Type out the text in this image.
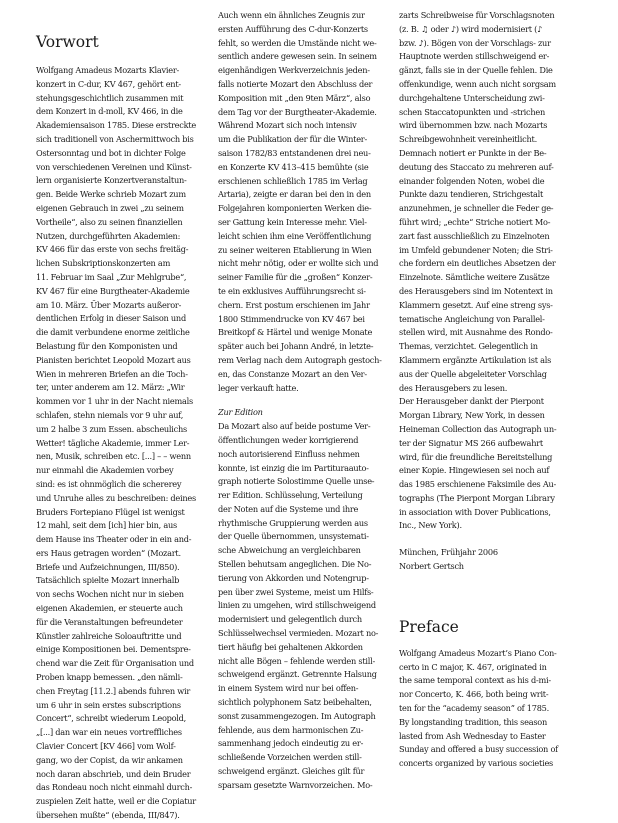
Vorwort
Wolfgang Amadeus Mozarts Klavier-
konzert in C-dur, KV 467, gehört ent-
stehungsgeschichtlich zusammen mit
dem Konzert in d-moll, KV 466, in die
Akademiensaison 1785. Diese erstreckte
sich traditionell von Aschermittwoch bis
Ostersonntag und bot in dichter Folge
von verschiedenen Vereinen und Künst-
lern organisierte Konzertveranstaltun-
gen. Beide Werke schrieb Mozart zum
eigenen Gebrauch in zwei „zu seinem
Vortheile“, also zu seinen finanziellen
Nutzen, durchgeführten Akademien:
KV 466 für das erste von sechs freitäg-
lichen Subskriptionskonzerten am
11. Februar im Saal „Zur Mehlgrube“,
KV 467 für eine Burgtheater-Akademie
am 10. März. Über Mozarts außeror-
dentlichen Erfolg in dieser Saison und
die damit verbundene enorme zeitliche
Belastung für den Komponisten und
Pianisten berichtet Leopold Mozart aus
Wien in mehreren Briefen an die Toch-
ter, unter anderem am 12. März: „Wir
kommen vor 1 uhr in der Nacht niemals
schlafen, stehn niemals vor 9 uhr auf,
um 2 halbe 3 zum Essen. abscheulichs
Wetter! tägliche Akademie, immer Ler-
nen, Musik, schreiben etc. [...] – – wenn
nur einmahl die Akademien vorbey
sind: es ist ohnmöglich die schererey
und Unruhe alles zu beschreiben: deines
Bruders Fortepiano Flügel ist wenigst
12 mahl, seit dem [ich] hier bin, aus
dem Hause ins Theater oder in ein and-
ers Haus getragen worden“ (Mozart.
Briefe und Aufzeichnungen, III/850).
Tatsächlich spielte Mozart innerhalb
von sechs Wochen nicht nur in sieben
eigenen Akademien, er steuerte auch
für die Veranstaltungen befreundeter
Künstler zahlreiche Soloauftritte und
einige Kompositionen bei. Dementspre-
chend war die Zeit für Organisation und
Proben knapp bemessen. „den nämli-
chen Freytag [11.2.] abends fuhren wir
um 6 uhr in sein erstes subscriptions
Concert“, schreibt wiederum Leopold,
„[...] dan war ein neues vortreffliches
Clavier Concert [KV 466] vom Wolf-
gang, wo der Copist, da wir ankamen
noch daran abschrieb, und dein Bruder
das Rondeau noch nicht einmahl durch-
zuspielen Zeit hatte, weil er die Copiatur
übersehen mußte“ (ebenda, III/847).
Auch wenn ein ähnliches Zeugnis zur
ersten Aufführung des C-dur-Konzerts
fehlt, so werden die Umstände nicht we-
sentlich andere gewesen sein. In seinem
eigenhändigen Werkverzeichnis jeden-
falls notierte Mozart den Abschluss der
Komposition mit „den 9ten März“, also
dem Tag vor der Burgtheater-Akademie.
Während Mozart sich noch intensiv
um die Publikation der für die Winter-
saison 1782/83 entstandenen drei neu-
en Konzerte KV 413–415 bemühte (sie
erschienen schließlich 1785 im Verlag
Artaria), zeigte er daran bei den in den
Folgejahren komponierten Werken die-
ser Gattung kein Interesse mehr. Viel-
leicht schien ihm eine Veröffentlichung
zu seiner weiteren Etablierung in Wien
nicht mehr nötig, oder er wollte sich und
seiner Familie für die „großen“ Konzer-
te ein exklusives Aufführungsrecht si-
chern. Erst postum erschienen im Jahr
1800 Stimmendrucke von KV 467 bei
Breitkopf & Härtel und wenige Monate
später auch bei Johann André, in letzte-
rem Verlag nach dem Autograph gestoch-
en, das Constanze Mozart an den Ver-
leger verkauft hatte.
Zur Edition
Da Mozart also auf beide postume Ver-
öffentlichungen weder korrigierend
noch autorisierend Einfluss nehmen
konnte, ist einzig die im Partituraauto-
graph notierte Solostimme Quelle unse-
rer Edition. Schlüsselung, Verteilung
der Noten auf die Systeme und ihre
rhythmische Gruppierung werden aus
der Quelle übernommen, unsystemati-
sche Abweichung an vergleichbaren
Stellen behutsam angeglichen. Die No-
tierung von Akkorden und Notengrup-
pen über zwei Systeme, meist um Hilfs-
linien zu umgehen, wird stillschweigend
modernisiert und gelegentlich durch
Schlüsselwechsel vermieden. Mozart no-
tiert häufig bei gehaltenen Akkorden
nicht alle Bögen – fehlende werden still-
schweigend ergänzt. Getrennte Halsung
in einem System wird nur bei offen-
sichtlich polyphonem Satz beibehalten,
sonst zusammengezogen. Im Autograph
fehlende, aus dem harmonischen Zu-
sammenhang jedoch eindeutig zu er-
schließende Vorzeichen werden still-
schweigend ergänzt. Gleiches gilt für
sparsam gesetzte Warnvorzeichen. Mo-
zarts Schreibweise für Vorschlagsnoten
(z. B. ♫ oder ♪) wird modernisiert (♪
bzw. ♪). Bögen von der Vorschlags- zur
Hauptnote werden stillschweigend er-
gänzt, falls sie in der Quelle fehlen. Die
offenkundige, wenn auch nicht sorgsam
durchgehaltene Unterscheidung zwi-
schen Staccatopunkten und -strichen
wird übernommen bzw. nach Mozarts
Schreibgewohnheit vereinheitlicht.
Demnach notiert er Punkte in der Be-
deutung des Staccato zu mehreren auf-
einander folgenden Noten, wobei die
Punkte dazu tendieren, Strichgestalt
anzunehmen, je schneller die Feder ge-
führt wird; „echte“ Striche notiert Mo-
zart fast ausschließlich zu Einzelnoten
im Umfeld gebundener Noten; die Stri-
che fordern ein deutliches Absetzen der
Einzelnote. Sämtliche weitere Zusätze
des Herausgebers sind im Notentext in
Klammern gesetzt. Auf eine streng sys-
tematische Angleichung von Parallel-
stellen wird, mit Ausnahme des Rondo-
Themas, verzichtet. Gelegentlich in
Klammern ergänzte Artikulation ist als
aus der Quelle abgeleiteter Vorschlag
des Herausgebers zu lesen.
Der Herausgeber dankt der Pierpont
Morgan Library, New York, in dessen
Heineman Collection das Autograph un-
ter der Signatur MS 266 aufbewahrt
wird, für die freundliche Bereitstellung
einer Kopie. Hingewiesen sei noch auf
das 1985 erschienene Faksimile des Au-
tographs (The Pierpont Morgan Library
in association with Dover Publications,
Inc., New York).
München, Frühjahr 2006
Norbert Gertsch
Preface
Wolfgang Amadeus Mozart’s Piano Con-
certo in C major, K. 467, originated in
the same temporal context as his d-mi-
nor Concerto, K. 466, both being writ-
ten for the “academy season” of 1785.
By longstanding tradition, this season
lasted from Ash Wednesday to Easter
Sunday and offered a busy succession of
concerts organized by various societies
